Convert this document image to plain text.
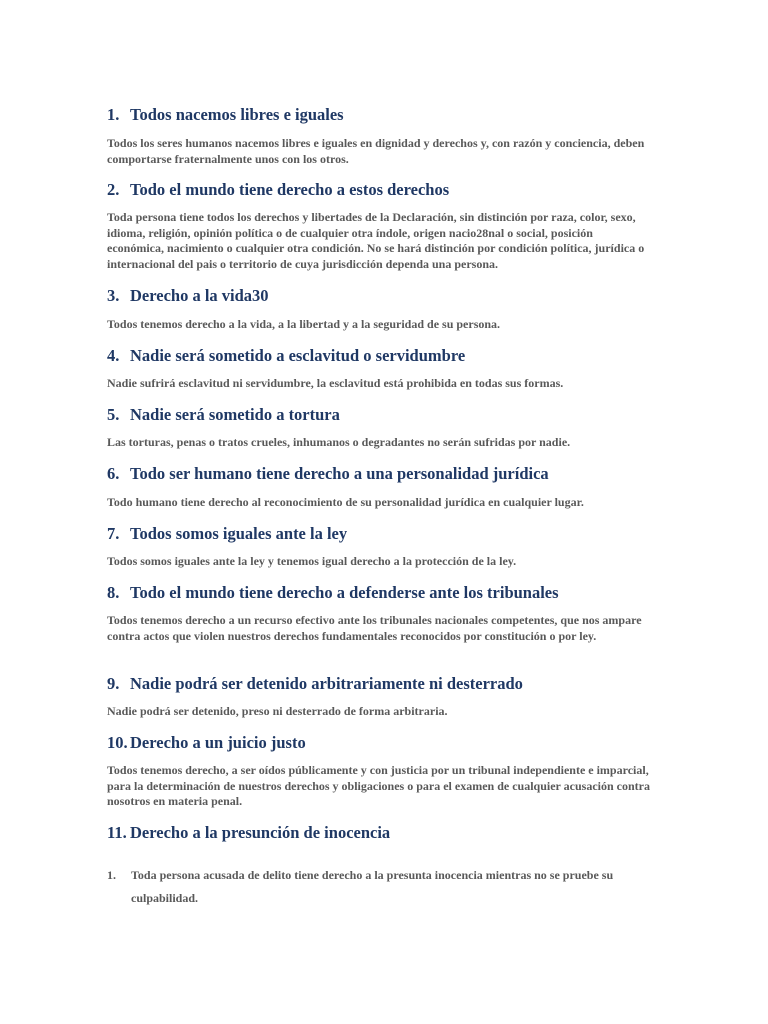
1. Todos nacemos libres e iguales

Todos los seres humanos nacemos libres e iguales en dignidad y derechos y, con razón y conciencia, deben comportarse fraternalmente unos con los otros.

2. Todo el mundo tiene derecho a estos derechos

Toda persona tiene todos los derechos y libertades de la Declaración, sin distinción por raza, color, sexo, idioma, religión, opinión política o de cualquier otra índole, origen nacio28nal o social, posición económica, nacimiento o cualquier otra condición. No se hará distinción por condición política, jurídica o internacional del pais o territorio de cuya jurisdicción dependa una persona.

3. Derecho a la vida30

Todos tenemos derecho a la vida, a la libertad y a la seguridad de su persona.

4. Nadie será sometido a esclavitud o servidumbre

Nadie sufrirá esclavitud ni servidumbre, la esclavitud está prohibida en todas sus formas.

5. Nadie será sometido a tortura

Las torturas, penas o tratos crueles, inhumanos o degradantes no serán sufridas por nadie.

6. Todo ser humano tiene derecho a una personalidad jurídica

Todo humano tiene derecho al reconocimiento de su personalidad jurídica en cualquier lugar.

7. Todos somos iguales ante la ley

Todos somos iguales ante la ley y tenemos igual derecho a la protección de la ley.

8. Todo el mundo tiene derecho a defenderse ante los tribunales

Todos tenemos derecho a un recurso efectivo ante los tribunales nacionales competentes, que nos ampare contra actos que violen nuestros derechos fundamentales reconocidos por constitución o por ley.

9. Nadie podrá ser detenido arbitrariamente ni desterrado

Nadie podrá ser detenido, preso ni desterrado de forma arbitraria.

10. Derecho a un juicio justo

Todos tenemos derecho, a ser oídos públicamente y con justicia por un tribunal independiente e imparcial, para la determinación de nuestros derechos y obligaciones o para el examen de cualquier acusación contra nosotros en materia penal.

11. Derecho a la presunción de inocencia
1. Toda persona acusada de delito tiene derecho a la presunta inocencia mientras no se pruebe su culpabilidad.
